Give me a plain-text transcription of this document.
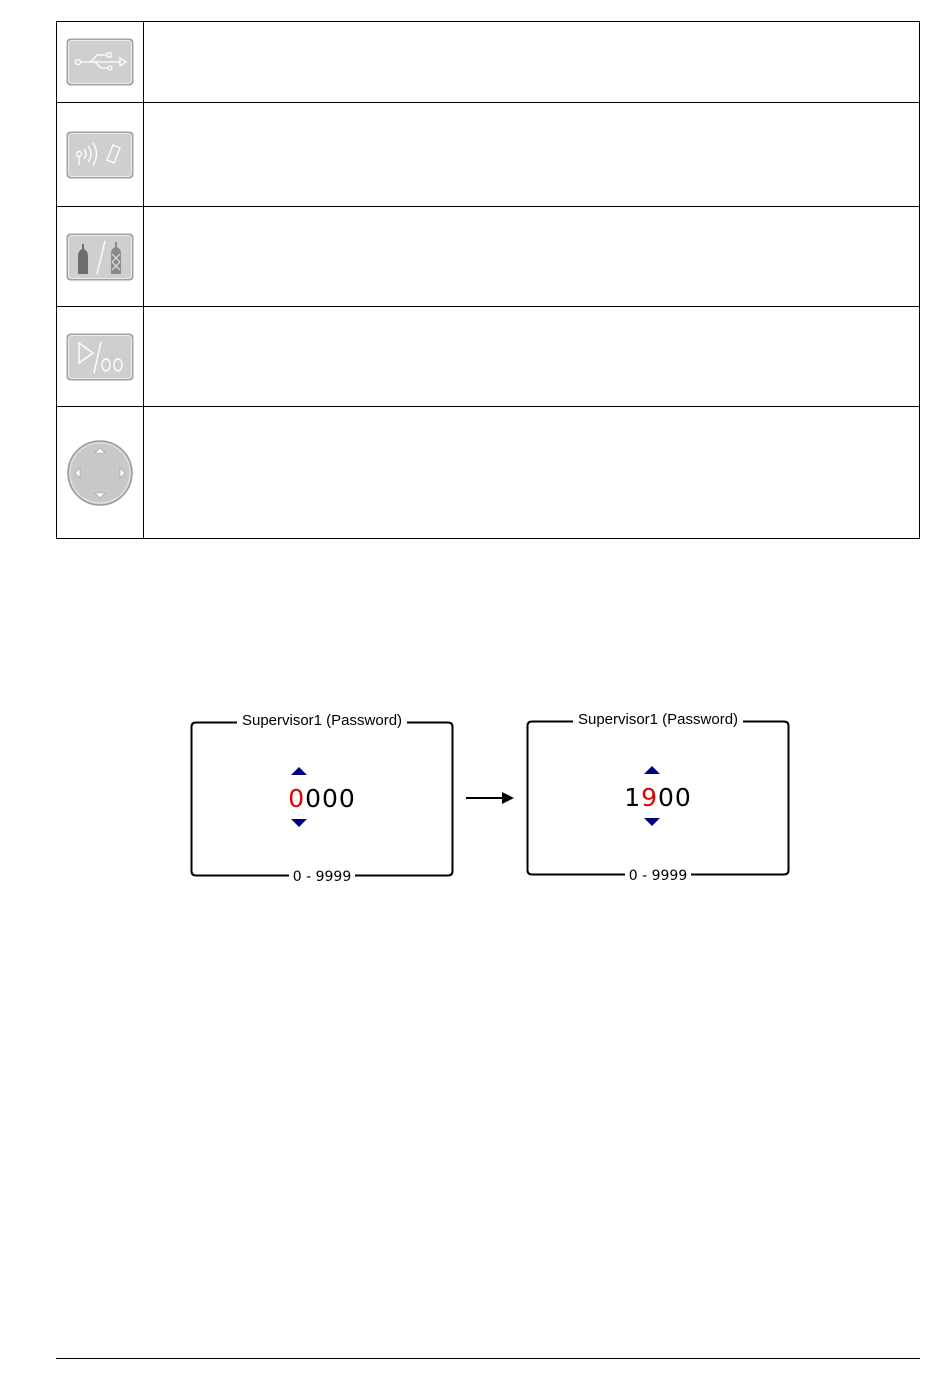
Supervisor1 (Password)
0000
0 - 9999
Supervisor1 (Password)
1900
0 - 9999
